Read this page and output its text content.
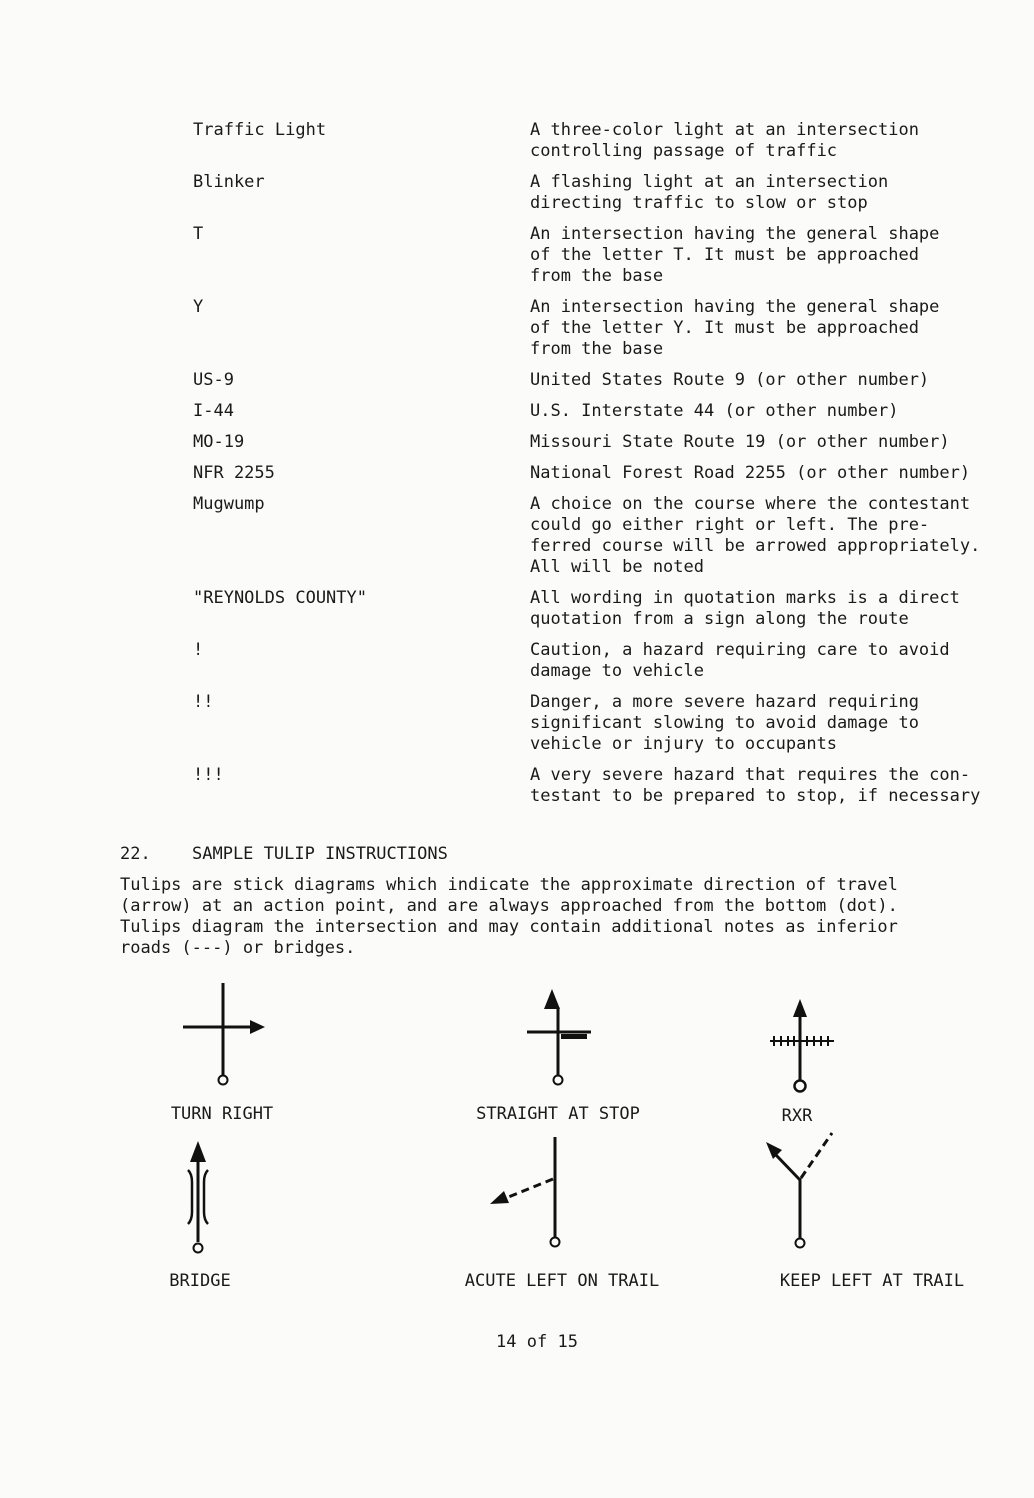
Traffic Light	A three-color light at an intersection
controlling passage of traffic
Blinker	A flashing light at an intersection
directing traffic to slow or stop
T	An intersection having the general shape
of the letter T. It must be approached
from the base
Y	An intersection having the general shape
of the letter Y. It must be approached
from the base
US-9	United States Route 9 (or other number)
I-44	U.S. Interstate 44 (or other number)
MO-19	Missouri State Route 19 (or other number)
NFR 2255	National Forest Road 2255 (or other number)
Mugwump	A choice on the course where the contestant
could go either right or left. The pre-
ferred course will be arrowed appropriately.
All will be noted
"REYNOLDS COUNTY"	All wording in quotation marks is a direct
quotation from a sign along the route
!	Caution, a hazard requiring care to avoid
damage to vehicle
!!	Danger, a more severe hazard requiring
significant slowing to avoid damage to
vehicle or injury to occupants
!!!	A very severe hazard that requires the con-
testant to be prepared to stop, if necessary
22.	SAMPLE TULIP INSTRUCTIONS
Tulips are stick diagrams which indicate the approximate direction of travel
(arrow) at an action point, and are always approached from the bottom (dot).
Tulips diagram the intersection and may contain additional notes as inferior
roads (---) or bridges.
TURN RIGHT	STRAIGHT AT STOP	RXR
BRIDGE	ACUTE LEFT ON TRAIL	KEEP LEFT AT TRAIL
14 of 15
